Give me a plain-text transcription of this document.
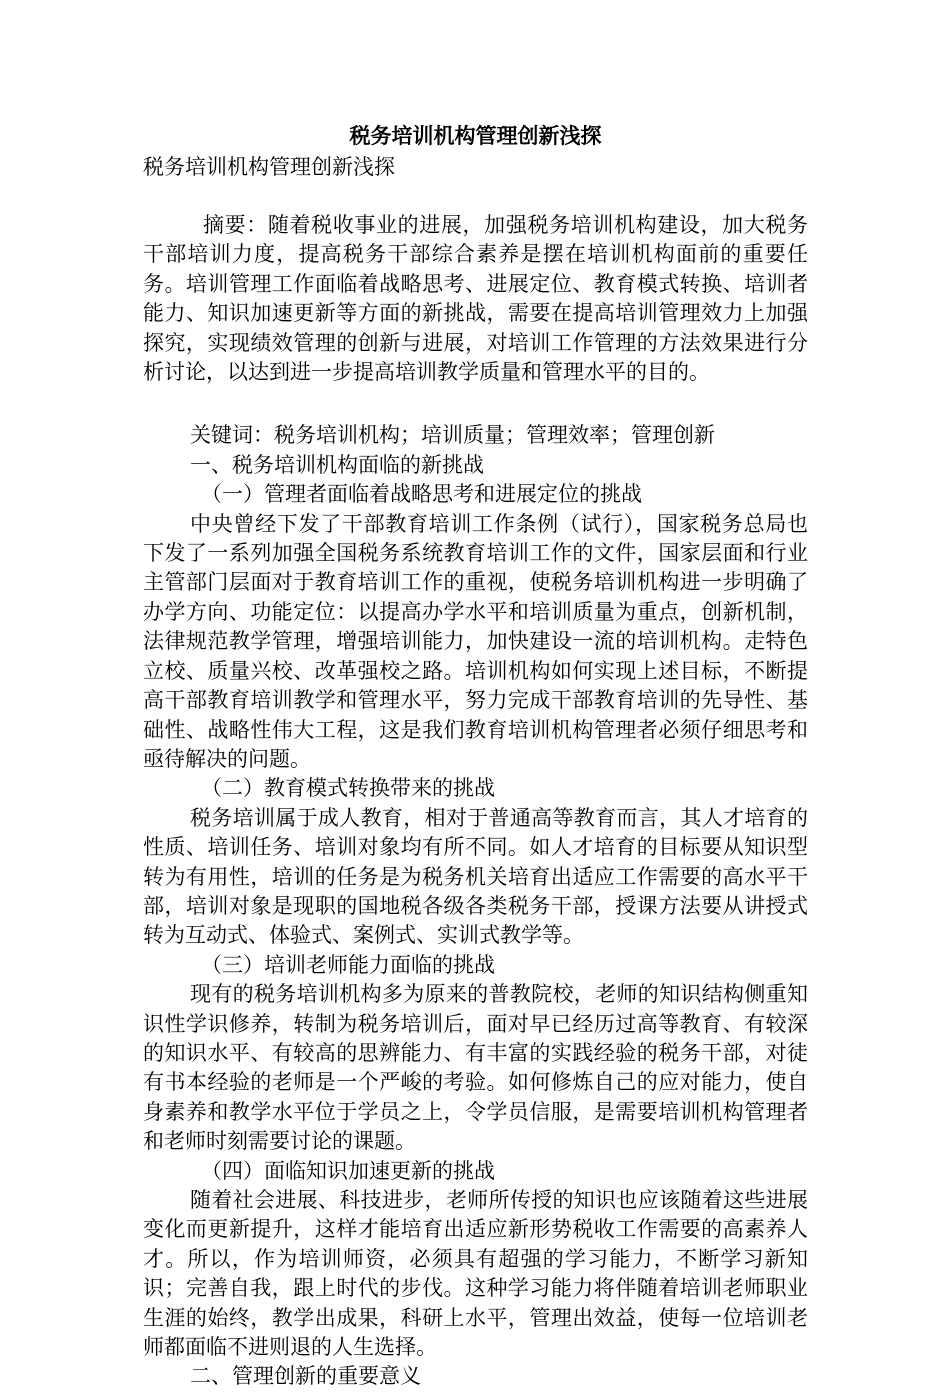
税务培训机构管理创新浅探

税务培训机构管理创新浅探

摘要：随着税收事业的进展，加强税务培训机构建设，加大税务干部培训力度，提高税务干部综合素养是摆在培训机构面前的重要任务。培训管理工作面临着战略思考、进展定位、教育模式转换、培训者能力、知识加速更新等方面的新挑战，需要在提高培训管理效力上加强探究，实现绩效管理的创新与进展，对培训工作管理的方法效果进行分析讨论，以达到进一步提高培训教学质量和管理水平的目的。

关键词：税务培训机构；培训质量；管理效率；管理创新

一、税务培训机构面临的新挑战

（一）管理者面临着战略思考和进展定位的挑战

中央曾经下发了干部教育培训工作条例（试行），国家税务总局也下发了一系列加强全国税务系统教育培训工作的文件，国家层面和行业主管部门层面对于教育培训工作的重视，使税务培训机构进一步明确了办学方向、功能定位：以提高办学水平和培训质量为重点，创新机制，法律规范教学管理，增强培训能力，加快建设一流的培训机构。走特色立校、质量兴校、改革强校之路。培训机构如何实现上述目标，不断提高干部教育培训教学和管理水平，努力完成干部教育培训的先导性、基础性、战略性伟大工程，这是我们教育培训机构管理者必须仔细思考和亟待解决的问题。

（二）教育模式转换带来的挑战

税务培训属于成人教育，相对于普通高等教育而言，其人才培育的性质、培训任务、培训对象均有所不同。如人才培育的目标要从知识型转为有用性，培训的任务是为税务机关培育出适应工作需要的高水平干部，培训对象是现职的国地税各级各类税务干部，授课方法要从讲授式转为互动式、体验式、案例式、实训式教学等。

（三）培训老师能力面临的挑战

现有的税务培训机构多为原来的普教院校，老师的知识结构侧重知识性学识修养，转制为税务培训后，面对早已经历过高等教育、有较深的知识水平、有较高的思辨能力、有丰富的实践经验的税务干部，对徒有书本经验的老师是一个严峻的考验。如何修炼自己的应对能力，使自身素养和教学水平位于学员之上，令学员信服，是需要培训机构管理者和老师时刻需要讨论的课题。

（四）面临知识加速更新的挑战

随着社会进展、科技进步，老师所传授的知识也应该随着这些进展变化而更新提升，这样才能培育出适应新形势税收工作需要的高素养人才。所以，作为培训师资，必须具有超强的学习能力，不断学习新知识；完善自我，跟上时代的步伐。这种学习能力将伴随着培训老师职业生涯的始终，教学出成果，科研上水平，管理出效益，使每一位培训老师都面临不进则退的人生选择。

二、管理创新的重要意义
